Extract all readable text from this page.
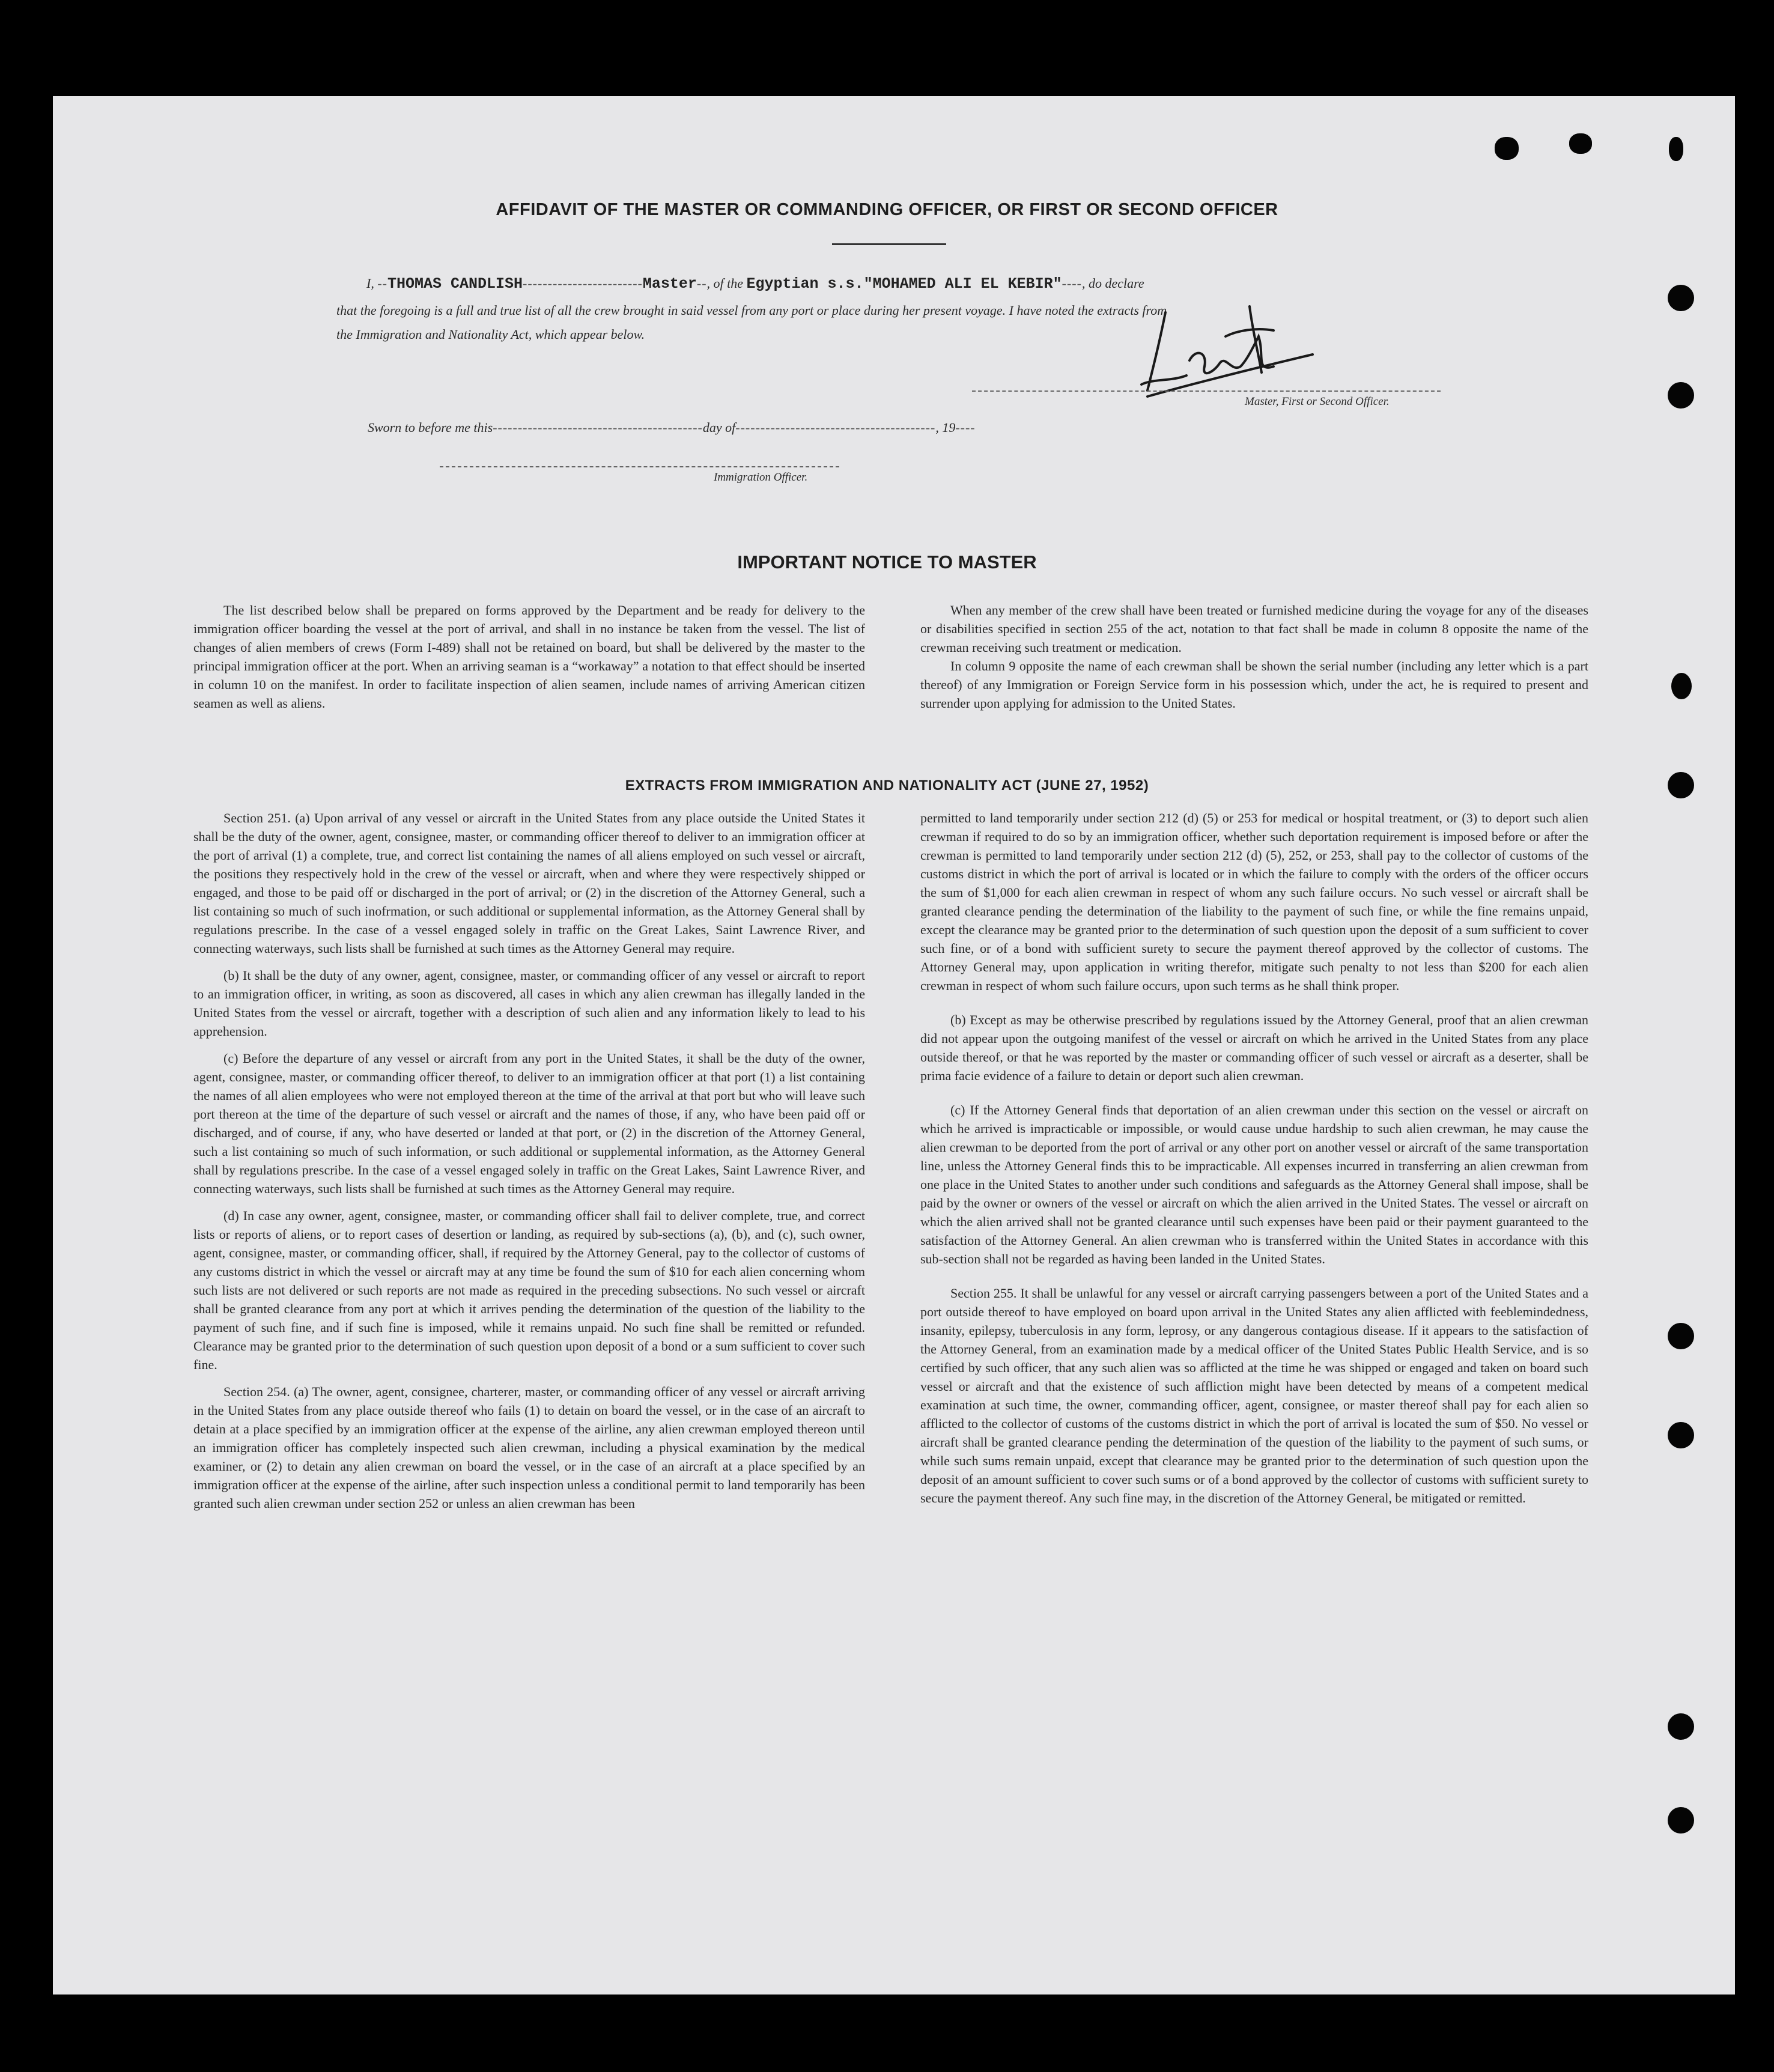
AFFIDAVIT OF THE MASTER OR COMMANDING OFFICER, OR FIRST OR SECOND OFFICER
I, --THOMAS CANDLISH------------------------Master--, of the Egyptian s.s."MOHAMED ALI EL KEBIR"----, do declare
that the foregoing is a full and true list of all the crew brought in said vessel from any port or place during her present voyage. I have noted the extracts from
the Immigration and Nationality Act, which appear below.
Master, First or Second Officer.
Sworn to before me this------------------------------------------day of----------------------------------------, 19----
Immigration Officer.
IMPORTANT NOTICE TO MASTER

The list described below shall be prepared on forms approved by the Department and be ready for delivery to the immigration officer boarding the vessel at the port of arrival, and shall in no instance be taken from the vessel. The list of changes of alien members of crews (Form I-489) shall not be retained on board, but shall be delivered by the master to the principal immigration officer at the port. When an arriving seaman is a “workaway” a notation to that effect should be inserted in column 10 on the manifest. In order to facilitate inspection of alien seamen, include names of arriving American citizen seamen as well as aliens.

When any member of the crew shall have been treated or furnished medicine during the voyage for any of the diseases or disabilities specified in section 255 of the act, notation to that fact shall be made in column 8 opposite the name of the crewman receiving such treatment or medication.

In column 9 opposite the name of each crewman shall be shown the serial number (including any letter which is a part thereof) of any Immigration or Foreign Service form in his possession which, under the act, he is required to present and surrender upon applying for admission to the United States.

EXTRACTS FROM IMMIGRATION AND NATIONALITY ACT (JUNE 27, 1952)

Section 251. (a) Upon arrival of any vessel or aircraft in the United States from any place outside the United States it shall be the duty of the owner, agent, consignee, master, or commanding officer thereof to deliver to an immigration officer at the port of arrival (1) a complete, true, and correct list containing the names of all aliens employed on such vessel or aircraft, the positions they respectively hold in the crew of the vessel or aircraft, when and where they were respectively shipped or engaged, and those to be paid off or discharged in the port of arrival; or (2) in the discretion of the Attorney General, such a list containing so much of such inofrmation, or such additional or supplemental information, as the Attorney General shall by regulations prescribe. In the case of a vessel engaged solely in traffic on the Great Lakes, Saint Lawrence River, and connecting waterways, such lists shall be furnished at such times as the Attorney General may require.

(b) It shall be the duty of any owner, agent, consignee, master, or commanding officer of any vessel or aircraft to report to an immigration officer, in writing, as soon as discovered, all cases in which any alien crewman has illegally landed in the United States from the vessel or aircraft, together with a description of such alien and any information likely to lead to his apprehension.

(c) Before the departure of any vessel or aircraft from any port in the United States, it shall be the duty of the owner, agent, consignee, master, or commanding officer thereof, to deliver to an immigration officer at that port (1) a list containing the names of all alien employees who were not employed thereon at the time of the arrival at that port but who will leave such port thereon at the time of the departure of such vessel or aircraft and the names of those, if any, who have been paid off or discharged, and of course, if any, who have deserted or landed at that port, or (2) in the discretion of the Attorney General, such a list containing so much of such information, or such additional or supplemental information, as the Attorney General shall by regulations prescribe. In the case of a vessel engaged solely in traffic on the Great Lakes, Saint Lawrence River, and connecting waterways, such lists shall be furnished at such times as the Attorney General may require.

(d) In case any owner, agent, consignee, master, or commanding officer shall fail to deliver complete, true, and correct lists or reports of aliens, or to report cases of desertion or landing, as required by sub-sections (a), (b), and (c), such owner, agent, consignee, master, or commanding officer, shall, if required by the Attorney General, pay to the collector of customs of any customs district in which the vessel or aircraft may at any time be found the sum of $10 for each alien concerning whom such lists are not delivered or such reports are not made as required in the preceding subsections. No such vessel or aircraft shall be granted clearance from any port at which it arrives pending the determination of the question of the liability to the payment of such fine, and if such fine is imposed, while it remains unpaid. No such fine shall be remitted or refunded. Clearance may be granted prior to the determination of such question upon deposit of a bond or a sum sufficient to cover such fine.

Section 254. (a) The owner, agent, consignee, charterer, master, or commanding officer of any vessel or aircraft arriving in the United States from any place outside thereof who fails (1) to detain on board the vessel, or in the case of an aircraft to detain at a place specified by an immigration officer at the expense of the airline, any alien crewman employed thereon until an immigration officer has completely inspected such alien crewman, including a physical examination by the medical examiner, or (2) to detain any alien crewman on board the vessel, or in the case of an aircraft at a place specified by an immigration officer at the expense of the airline, after such inspection unless a conditional permit to land temporarily has been granted such alien crewman under section 252 or unless an alien crewman has been

permitted to land temporarily under section 212 (d) (5) or 253 for medical or hospital treatment, or (3) to deport such alien crewman if required to do so by an immigration officer, whether such deportation requirement is imposed before or after the crewman is permitted to land temporarily under section 212 (d) (5), 252, or 253, shall pay to the collector of customs of the customs district in which the port of arrival is located or in which the failure to comply with the orders of the officer occurs the sum of $1,000 for each alien crewman in respect of whom any such failure occurs. No such vessel or aircraft shall be granted clearance pending the determination of the liability to the payment of such fine, or while the fine remains unpaid, except the clearance may be granted prior to the determination of such question upon the deposit of a sum sufficient to cover such fine, or of a bond with sufficient surety to secure the payment thereof approved by the collector of customs. The Attorney General may, upon application in writing therefor, mitigate such penalty to not less than $200 for each alien crewman in respect of whom such failure occurs, upon such terms as he shall think proper.

(b) Except as may be otherwise prescribed by regulations issued by the Attorney General, proof that an alien crewman did not appear upon the outgoing manifest of the vessel or aircraft on which he arrived in the United States from any place outside thereof, or that he was reported by the master or commanding officer of such vessel or aircraft as a deserter, shall be prima facie evidence of a failure to detain or deport such alien crewman.

(c) If the Attorney General finds that deportation of an alien crewman under this section on the vessel or aircraft on which he arrived is impracticable or impossible, or would cause undue hardship to such alien crewman, he may cause the alien crewman to be deported from the port of arrival or any other port on another vessel or aircraft of the same transportation line, unless the Attorney General finds this to be impracticable. All expenses incurred in transferring an alien crewman from one place in the United States to another under such conditions and safeguards as the Attorney General shall impose, shall be paid by the owner or owners of the vessel or aircraft on which the alien arrived in the United States. The vessel or aircraft on which the alien arrived shall not be granted clearance until such expenses have been paid or their payment guaranteed to the satisfaction of the Attorney General. An alien crewman who is transferred within the United States in accordance with this sub-section shall not be regarded as having been landed in the United States.

Section 255. It shall be unlawful for any vessel or aircraft carrying passengers between a port of the United States and a port outside thereof to have employed on board upon arrival in the United States any alien afflicted with feeblemindedness, insanity, epilepsy, tuberculosis in any form, leprosy, or any dangerous contagious disease. If it appears to the satisfaction of the Attorney General, from an examination made by a medical officer of the United States Public Health Service, and is so certified by such officer, that any such alien was so afflicted at the time he was shipped or engaged and taken on board such vessel or aircraft and that the existence of such affliction might have been detected by means of a competent medical examination at such time, the owner, commanding officer, agent, consignee, or master thereof shall pay for each alien so afflicted to the collector of customs of the customs district in which the port of arrival is located the sum of $50. No vessel or aircraft shall be granted clearance pending the determination of the question of the liability to the payment of such sums, or while such sums remain unpaid, except that clearance may be granted prior to the determination of such question upon the deposit of an amount sufficient to cover such sums or of a bond approved by the collector of customs with sufficient surety to secure the payment thereof. Any such fine may, in the discretion of the Attorney General, be mitigated or remitted.
